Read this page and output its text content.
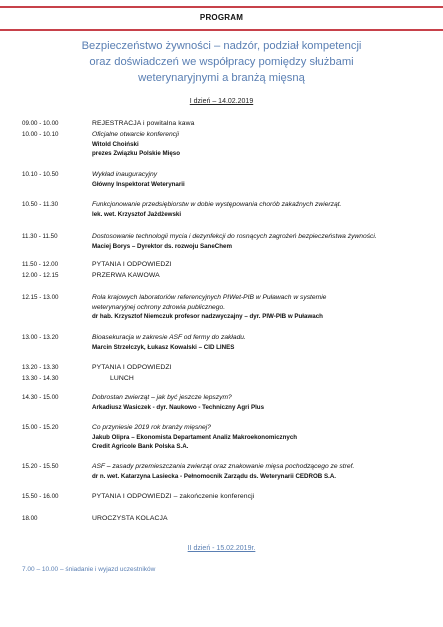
PROGRAM
Bezpieczeństwo żywności – nadzór, podział kompetencji
oraz doświadczeń we współpracy pomiędzy służbami
weterynaryjnymi a branżą mięsną
I dzień – 14.02.2019
09.00 - 10.00	REJESTRACJA i powitalna kawa
10.00 - 10.10	Oficjalne otwarcie konferencji
Witold Choiński
prezes Związku Polskie Mięso
10.10 - 10.50	Wykład inauguracyjny
Główny Inspektorat Weterynarii
10.50 - 11.30	Funkcjonowanie przedsiębiorstw w dobie występowania chorób zakaźnych zwierząt.
lek. wet. Krzysztof Jażdżewski
11.30 - 11.50	Dostosowanie technologii mycia i dezynfekcji do rosnących zagrożeń bezpieczeństwa żywności.
Maciej Borys – Dyrektor ds. rozwoju SaneChem
11.50 - 12.00	PYTANIA I ODPOWIEDZI
12.00 - 12.15	PRZERWA KAWOWA
12.15 - 13.00	Rola krajowych laboratoriów referencyjnych PIWet-PIB w Puławach w systemie
weterynaryjnej ochrony zdrowia publicznego.
dr hab. Krzysztof Niemczuk profesor nadzwyczajny – dyr. PIW-PIB w Puławach
13.00 - 13.20	Bioasekuracja w zakresie ASF od fermy do zakładu.
Marcin Strzelczyk, Łukasz Kowalski – CID LINES
13.20 - 13.30	PYTANIA I ODPOWIEDZI
13.30 - 14.30	LUNCH
14.30 - 15.00	Dobrostan zwierząt – jak być jeszcze lepszym?
Arkadiusz Wasiczek - dyr. Naukowo - Techniczny Agri Plus
15.00 - 15.20	Co przyniesie 2019 rok branży mięsnej?
Jakub Olipra – Ekonomista Departament Analiz Makroekonomicznych
Credit Agricole Bank Polska S.A.
15.20 - 15.50	ASF – zasady przemieszczania zwierząt oraz znakowanie mięsa pochodzącego ze stref.
dr n. wet. Katarzyna Lasiecka - Pełnomocnik Zarządu ds. Weterynarii CEDROB S.A.
15.50 - 16.00	PYTANIA I ODPOWIEDZI – zakończenie konferencji
18.00	UROCZYSTA KOLACJA
II dzień - 15.02.2019r.
7.00 – 10.00 – śniadanie i wyjazd uczestników
